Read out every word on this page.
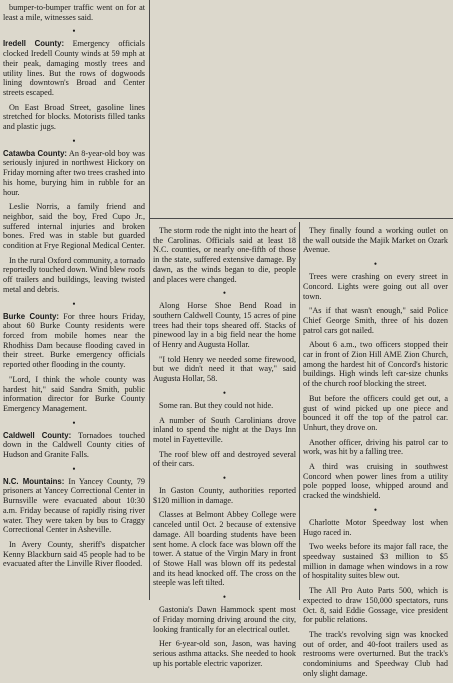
bumper-to-bumper traffic went on for at least a mile, witnesses said.

•

Iredell County: Emergency officials clocked Iredell County winds at 59 mph at their peak, damaging mostly trees and utility lines. But the rows of dogwoods lining downtown's Broad and Center streets escaped.

On East Broad Street, gasoline lines stretched for blocks. Motorists filled tanks and plastic jugs.

•

Catawba County: An 8-year-old boy was seriously injured in northwest Hickory on Friday morning after two trees crashed into his home, burying him in rubble for an hour.

Leslie Norris, a family friend and neighbor, said the boy, Fred Cupo Jr., suffered internal injuries and broken bones. Fred was in stable but guarded condition at Frye Regional Medical Center.

In the rural Oxford community, a tornado reportedly touched down. Wind blew roofs off trailers and buildings, leaving twisted metal and debris.

•

Burke County: For three hours Friday, about 60 Burke County residents were forced from mobile homes near the Rhodhiss Dam because flooding caved in their street. Burke emergency officials reported other flooding in the county.

"Lord, I think the whole county was hardest hit," said Sandra Smith, public information director for Burke County Emergency Management.

•

Caldwell County: Tornadoes touched down in the Caldwell County cities of Hudson and Granite Falls.

•

N.C. Mountains: In Yancey County, 79 prisoners at Yancey Correctional Center in Burnsville were evacuated about 10:30 a.m. Friday because of rapidly rising river water. They were taken by bus to Craggy Correctional Center in Asheville.

In Avery County, sheriff's dispatcher Kenny Blackburn said 45 people had to be evacuated after the Linville River flooded.

The storm rode the night into the heart of the Carolinas. Officials said at least 18 N.C. counties, or nearly one-fifth of those in the state, suffered extensive damage. By dawn, as the winds began to die, people and places were changed.

•

Along Horse Shoe Bend Road in southern Caldwell County, 15 acres of pine trees had their tops sheared off. Stacks of pinewood lay in a big field near the home of Henry and Augusta Hollar.

"I told Henry we needed some firewood, but we didn't need it that way," said Augusta Hollar, 58.

•

Some ran. But they could not hide.

A number of South Carolinians drove inland to spend the night at the Days Inn motel in Fayetteville.

The roof blew off and destroyed several of their cars.

•

In Gaston County, authorities reported $120 million in damage.

Classes at Belmont Abbey College were canceled until Oct. 2 because of extensive damage. All boarding students have been sent home. A clock face was blown off the tower. A statue of the Virgin Mary in front of Stowe Hall was blown off its pedestal and its head knocked off. The cross on the steeple was left tilted.

•

Gastonia's Dawn Hammock spent most of Friday morning driving around the city, looking frantically for an electrical outlet.

Her 6-year-old son, Jason, was having serious asthma attacks. She needed to hook up his portable electric vaporizer.

They finally found a working outlet on the wall outside the Majik Market on Ozark Avenue.

•

Trees were crashing on every street in Concord. Lights were going out all over town.

"As if that wasn't enough," said Police Chief George Smith, three of his dozen patrol cars got nailed.

About 6 a.m., two officers stopped their car in front of Zion Hill AME Zion Church, among the hardest hit of Concord's historic buildings. High winds left car-size chunks of the church roof blocking the street.

But before the officers could get out, a gust of wind picked up one piece and bounced it off the top of the patrol car. Unhurt, they drove on.

Another officer, driving his patrol car to work, was hit by a falling tree.

A third was cruising in southwest Concord when power lines from a utility pole popped loose, whipped around and cracked the windshield.

•

Charlotte Motor Speedway lost when Hugo raced in.

Two weeks before its major fall race, the speedway sustained $3 million to $5 million in damage when windows in a row of hospitality suites blew out.

The All Pro Auto Parts 500, which is expected to draw 150,000 spectators, runs Oct. 8, said Eddie Gossage, vice president for public relations.

The track's revolving sign was knocked out of order, and 40-foot trailers used as restrooms were overturned. But the track's condominiums and Speedway Club had only slight damage.
